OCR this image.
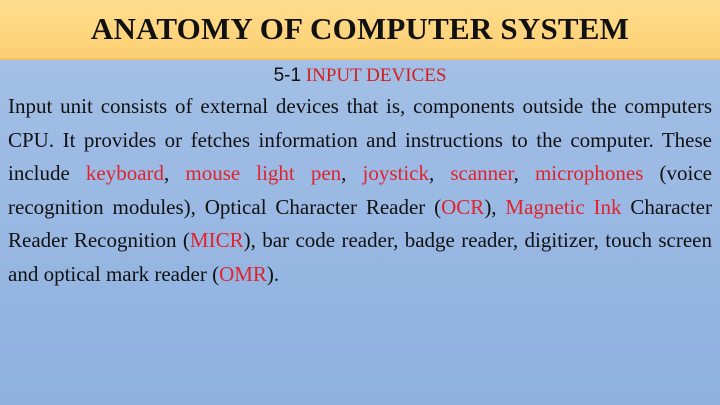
ANATOMY OF COMPUTER SYSTEM
5-1 INPUT DEVICES
Input unit consists of external devices that is, components outside the computers CPU. It provides or fetches information and instructions to the computer. These include keyboard, mouse light pen, joystick, scanner, microphones (voice recognition modules), Optical Character Reader (OCR), Magnetic Ink Character Reader Recognition (MICR), bar code reader, badge reader, digitizer, touch screen and optical mark reader (OMR).
